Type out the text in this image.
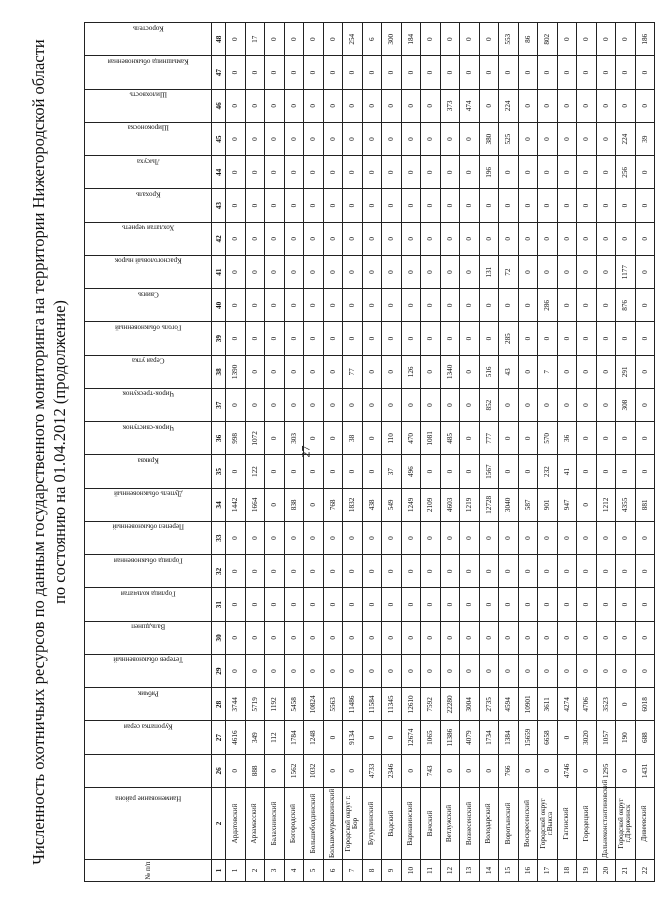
27
Численность охотничьих ресурсов по данным государственного мониторинга на территории Нижегородской области по состоянию на 01.04.2012 (продолжение)
№ п/п	Наименование района	Куропатка серая	Рябчик	Тетерев обыкновенный	Вальдшнеп	Горлица кольчатая	Горлица обыкновенная	Перепел обыкновенный	Дупель обыкновенный	Кряква	Чирок-свистунок	Чирок-трескунок	Серая утка	Гоголь обыкновенный	Свиязь	Красноголовый нырок	Хохлатая чернеть	Крохаль	Лысуха	Широконоска	Шилохвость	Камышница обыкновенная	Коростель	
1	2	26	27	28	29	30	31	32	33	34	35	36	37	38	39	40	41	42	43	44	45	46	47	48
1	Ардатовский	0	4616	3744	0	0	0	0	0	1442	0	998	0	1390	0	0	0	0	0	0	0	0	0	0
2	Арзамасский	888	349	5719	0	0	0	0	0	1664	122	1072	0	0	0	0	0	0	0	0	0	0	0	17
3	Балахнинский	0	112	1192	0	0	0	0	0	0	0	0	0	0	0	0	0	0	0	0	0	0	0	0
4	Богородский	1562	1784	5458	0	0	0	0	0	838	0	303	0	0	0	0	0	0	0	0	0	0	0	0
5	Большеболдинский	1032	1248	10824	0	0	0	0	0	0	0	0	0	0	0	0	0	0	0	0	0	0	0	0
6	Большемурашкинский	0	0	5563	0	0	0	0	0	768	0	0	0	0	0	0	0	0	0	0	0	0	0	0
7	Городской округ г. Бор	0	9134	11486	0	0	0	0	0	1832	0	38	0	77	0	0	0	0	0	0	0	0	0	254
8	Бутурлинский	4733	0	11584	0	0	0	0	0	438	0	0	0	0	0	0	0	0	0	0	0	0	0	6
9	Вадский	2346	0	11345	0	0	0	0	0	549	37	110	0	0	0	0	0	0	0	0	0	0	0	300
10	Варнавинский	0	12674	12610	0	0	0	0	0	1249	496	470	0	126	0	0	0	0	0	0	0	0	0	184
11	Вачский	743	1065	7592	0	0	0	0	0	2109	0	1081	0	0	0	0	0	0	0	0	0	0	0	0
12	Ветлужский	0	11386	22280	0	0	0	0	0	4603	0	485	0	1340	0	0	0	0	0	0	0	373	0	0
13	Вознесенский	0	4079	3004	0	0	0	0	0	1219	0	0	0	0	0	0	0	0	0	0	0	474	0	0
14	Володарский	0	1734	2735	0	0	0	0	0	12728	1567	777	852	516	0	0	131	0	0	196	380	0	0	0
15	Воротынский	766	1384	4594	0	0	0	0	0	3040	0	0	0	43	285	0	72	0	0	0	525	224	0	553
16	Воскресенский	0	15659	10901	0	0	0	0	0	587	0	0	0	0	0	0	0	0	0	0	0	0	0	86
17	Городской округ г.Выкса	0	6658	3611	0	0	0	0	0	901	232	570	0	7	0	286	0	0	0	0	0	0	0	802
18	Гагинский	4746	0	4274	0	0	0	0	0	947	41	36	0	0	0	0	0	0	0	0	0	0	0	0
19	Городецкий	0	3020	4706	0	0	0	0	0	0	0	0	0	0	0	0	0	0	0	0	0	0	0	0
20	Дальнеконстантиновский	1295	1057	3523	0	0	0	0	0	1212	0	0	0	0	0	0	0	0	0	0	0	0	0	0
21	Городской округ г.Дзержинск	0	190	0	0	0	0	0	0	4355	0	0	308	291	0	876	1177	0	0	256	224	0	0	0
22	Дивеевский	1431	688	6018	0	0	0	0	0	881	0	0	0	0	0	0	0	0	0	0	39	0	0	186
